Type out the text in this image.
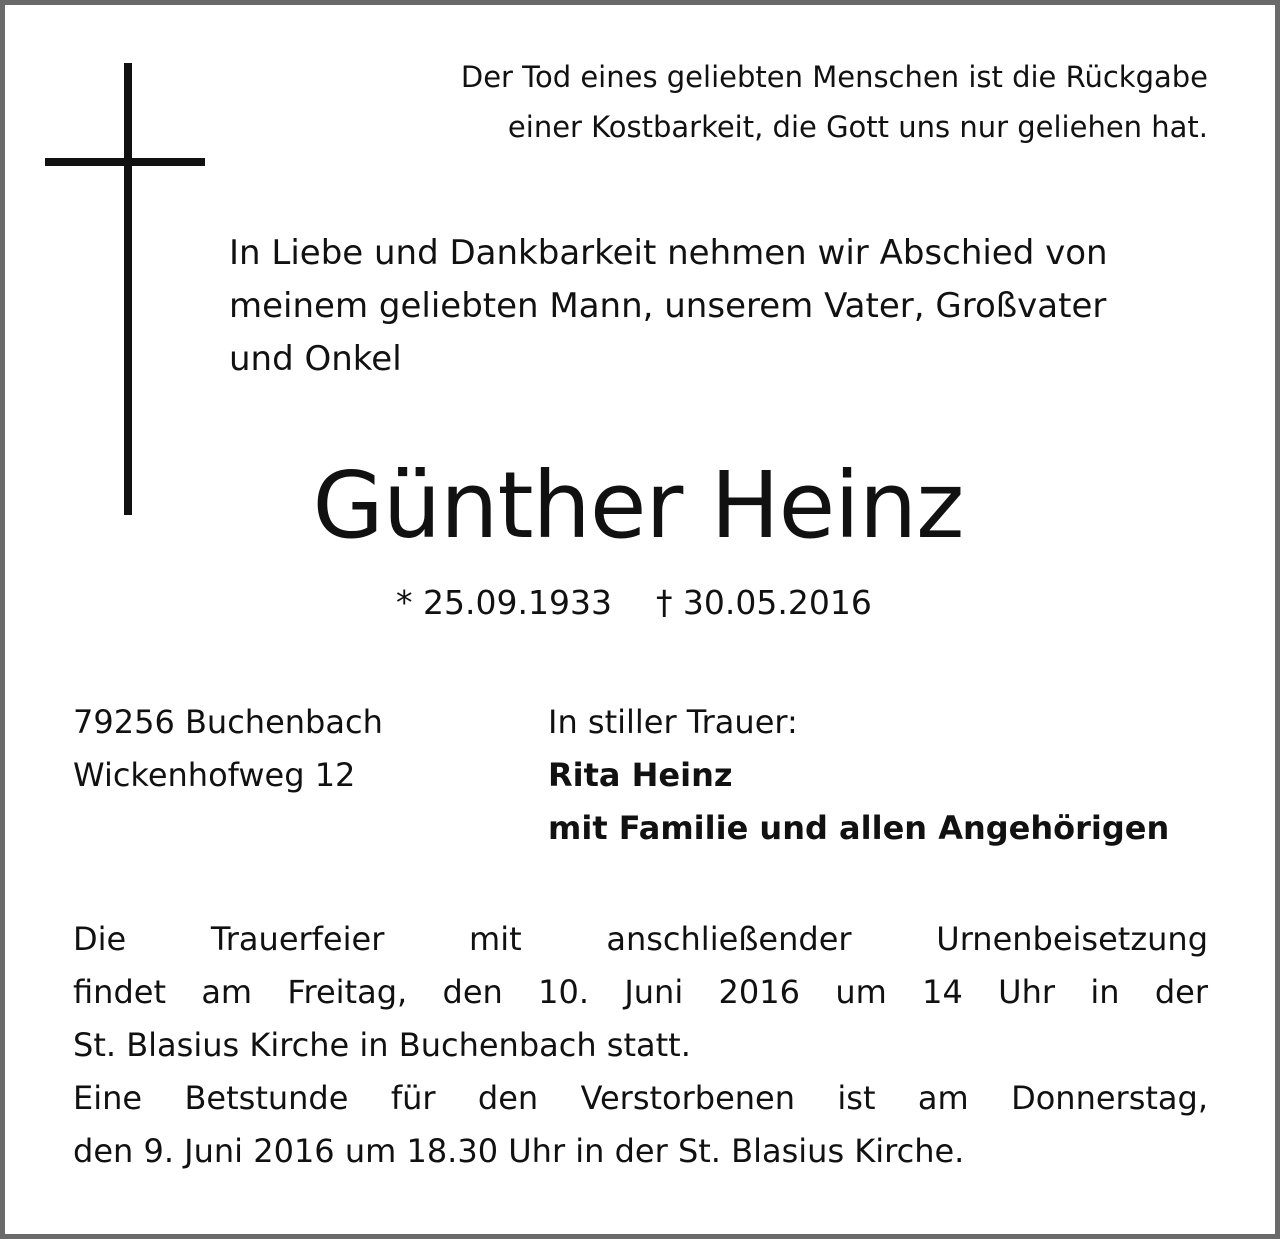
Der Tod eines geliebten Menschen ist die Rückgabe
einer Kostbarkeit, die Gott uns nur geliehen hat.
In Liebe und Dankbarkeit nehmen wir Abschied von
meinem geliebten Mann, unserem Vater, Großvater
und Onkel
Günther Heinz
* 25.09.1933 † 30.05.2016
79256 Buchenbach
Wickenhofweg 12
In stiller Trauer:
Rita Heinz
mit Familie und allen Angehörigen

Die Trauerfeier mit anschließender Urnenbeisetzung
findet am Freitag, den 10. Juni 2016 um 14 Uhr in der
St. Blasius Kirche in Buchenbach statt.

Eine Betstunde für den Verstorbenen ist am Donnerstag,
den 9. Juni 2016 um 18.30 Uhr in der St. Blasius Kirche.
